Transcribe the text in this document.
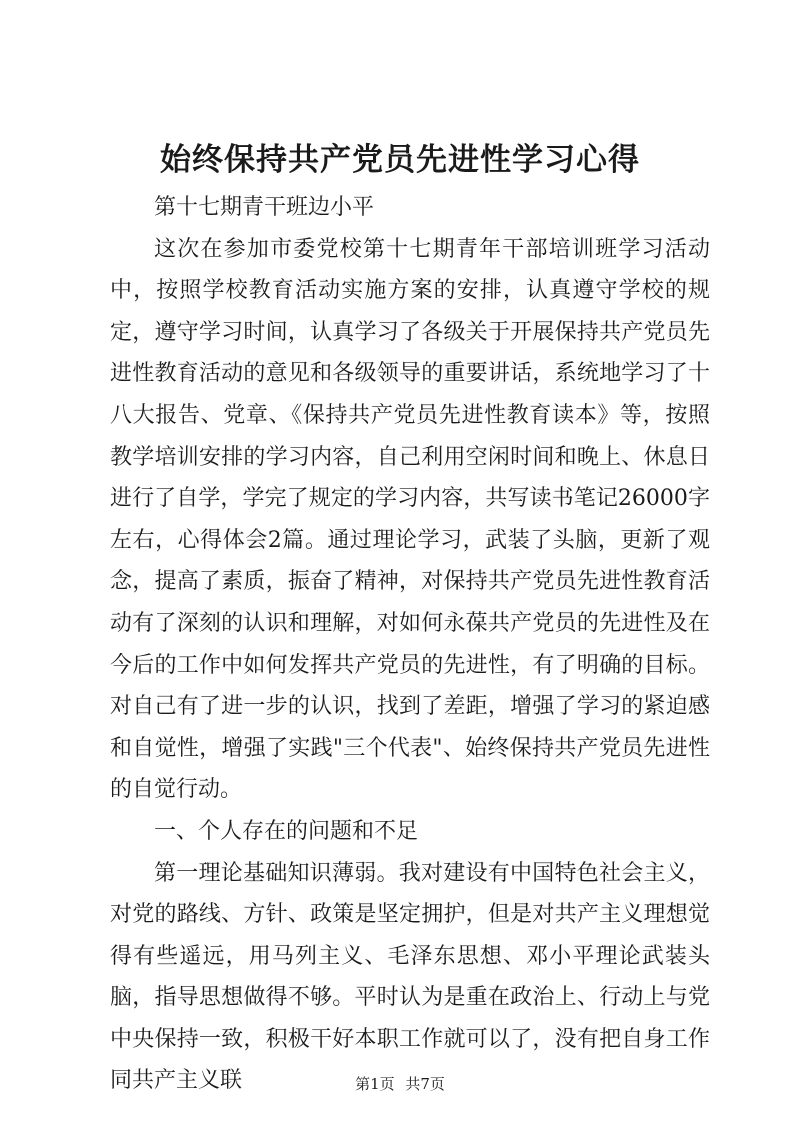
始终保持共产党员先进性学习心得

第十七期青干班边小平

这次在参加市委党校第十七期青年干部培训班学习活动中，按照学校教育活动实施方案的安排，认真遵守学校的规定，遵守学习时间，认真学习了各级关于开展保持共产党员先进性教育活动的意见和各级领导的重要讲话，系统地学习了十八大报告、党章、《保持共产党员先进性教育读本》等，按照教学培训安排的学习内容，自己利用空闲时间和晚上、休息日进行了自学，学完了规定的学习内容，共写读书笔记26000字左右，心得体会2篇。通过理论学习，武装了头脑，更新了观念，提高了素质，振奋了精神，对保持共产党员先进性教育活动有了深刻的认识和理解，对如何永葆共产党员的先进性及在今后的工作中如何发挥共产党员的先进性，有了明确的目标。对自己有了进一步的认识，找到了差距，增强了学习的紧迫感和自觉性，增强了实践"三个代表"、始终保持共产党员先进性的自觉行动。

一、个人存在的问题和不足

第一理论基础知识薄弱。我对建设有中国特色社会主义，对党的路线、方针、政策是坚定拥护，但是对共产主义理想觉得有些遥远，用马列主义、毛泽东思想、邓小平理论武装头脑，指导思想做得不够。平时认为是重在政治上、行动上与党中央保持一致，积极干好本职工作就可以了，没有把自身工作同共产主义联	第1页 共7页
